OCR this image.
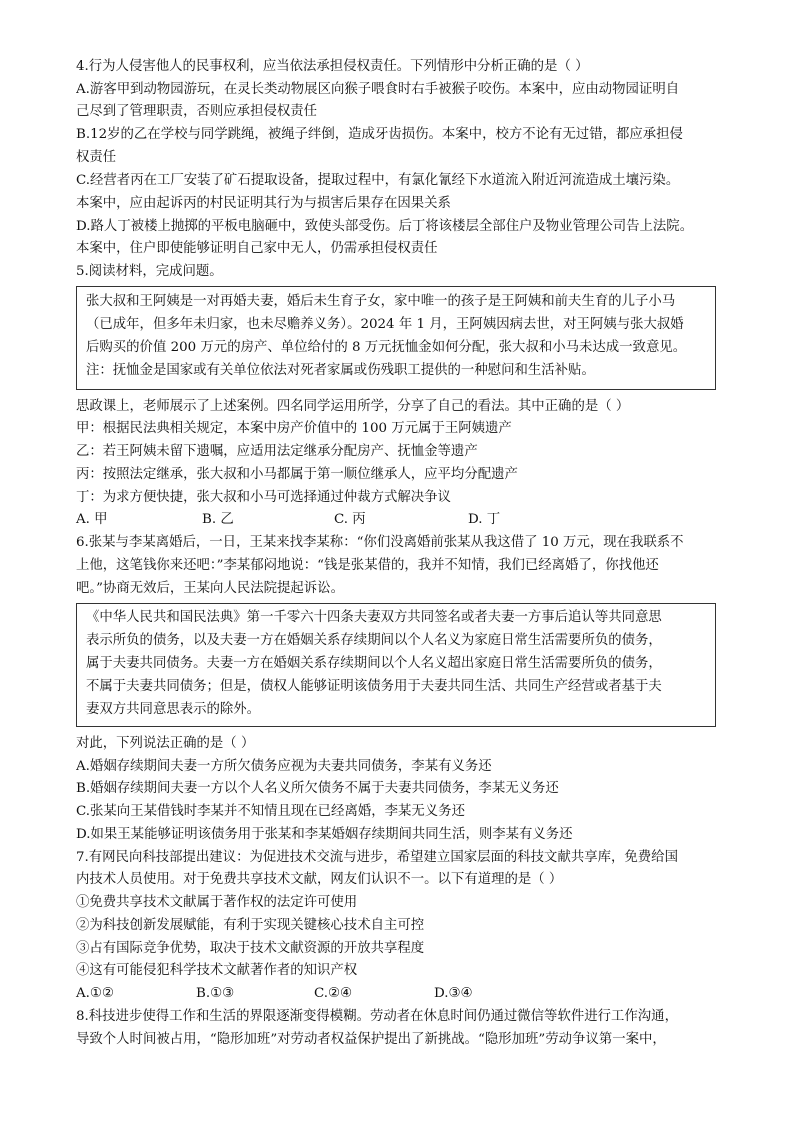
4.行为人侵害他人的民事权利，应当依法承担侵权责任。下列情形中分析正确的是（ ）
A.游客甲到动物园游玩，在灵长类动物展区向猴子喂食时右手被猴子咬伤。本案中，应由动物园证明自
己尽到了管理职责，否则应承担侵权责任
B.12岁的乙在学校与同学跳绳，被绳子绊倒，造成牙齿损伤。本案中，校方不论有无过错，都应承担侵
权责任
C.经营者丙在工厂安装了矿石提取设备，提取过程中，有氯化氰经下水道流入附近河流造成土壤污染。
本案中，应由起诉丙的村民证明其行为与损害后果存在因果关系
D.路人丁被楼上抛掷的平板电脑砸中，致使头部受伤。后丁将该楼层全部住户及物业管理公司告上法院。
本案中，住户即使能够证明自己家中无人，仍需承担侵权责任
5.阅读材料，完成问题。
张大叔和王阿姨是一对再婚夫妻，婚后未生育子女，家中唯一的孩子是王阿姨和前夫生育的儿子小马
（已成年，但多年未归家，也未尽赡养义务）。2024 年 1 月，王阿姨因病去世，对王阿姨与张大叔婚
后购买的价值 200 万元的房产、单位给付的 8 万元抚恤金如何分配，张大叔和小马未达成一致意见。
注：抚恤金是国家或有关单位依法对死者家属或伤残职工提供的一种慰问和生活补贴。
思政课上，老师展示了上述案例。四名同学运用所学，分享了自己的看法。其中正确的是（ ）
甲：根据民法典相关规定，本案中房产价值中的 100 万元属于王阿姨遗产
乙：若王阿姨未留下遗嘱，应适用法定继承分配房产、抚恤金等遗产
丙：按照法定继承，张大叔和小马都属于第一顺位继承人，应平均分配遗产
丁：为求方便快捷，张大叔和小马可选择通过仲裁方式解决争议
A. 甲	B. 乙	C. 丙	D. 丁
6.张某与李某离婚后，一日，王某来找李某称：“你们没离婚前张某从我这借了 10 万元，现在我联系不
上他，这笔钱你来还吧：”李某郁闷地说：“钱是张某借的，我并不知情，我们已经离婚了，你找他还
吧。”协商无效后，王某向人民法院提起诉讼。
《中华人民共和国民法典》第一千零六十四条夫妻双方共同签名或者夫妻一方事后追认等共同意思
表示所负的债务，以及夫妻一方在婚姻关系存续期间以个人名义为家庭日常生活需要所负的债务，
属于夫妻共同债务。夫妻一方在婚姻关系存续期间以个人名义超出家庭日常生活需要所负的债务，
不属于夫妻共同债务；但是，债权人能够证明该债务用于夫妻共同生活、共同生产经营或者基于夫
妻双方共同意思表示的除外。
对此，下列说法正确的是（ ）
A.婚姻存续期间夫妻一方所欠债务应视为夫妻共同债务，李某有义务还
B.婚姻存续期间夫妻一方以个人名义所欠债务不属于夫妻共同债务，李某无义务还
C.张某向王某借钱时李某并不知情且现在已经离婚，李某无义务还
D.如果王某能够证明该债务用于张某和李某婚姻存续期间共同生活，则李某有义务还
7.有网民向科技部提出建议：为促进技术交流与进步，希望建立国家层面的科技文献共享库，免费给国
内技术人员使用。对于免费共享技术文献，网友们认识不一。以下有道理的是（ ）
①免费共享技术文献属于著作权的法定许可使用
②为科技创新发展赋能，有利于实现关键核心技术自主可控
③占有国际竞争优势，取决于技术文献资源的开放共享程度
④这有可能侵犯科学技术文献著作者的知识产权
A.①②	B.①③	C.②④	D.③④
8.科技进步使得工作和生活的界限逐渐变得模糊。劳动者在休息时间仍通过微信等软件进行工作沟通，
导致个人时间被占用，“隐形加班”对劳动者权益保护提出了新挑战。“隐形加班”劳动争议第一案中，
